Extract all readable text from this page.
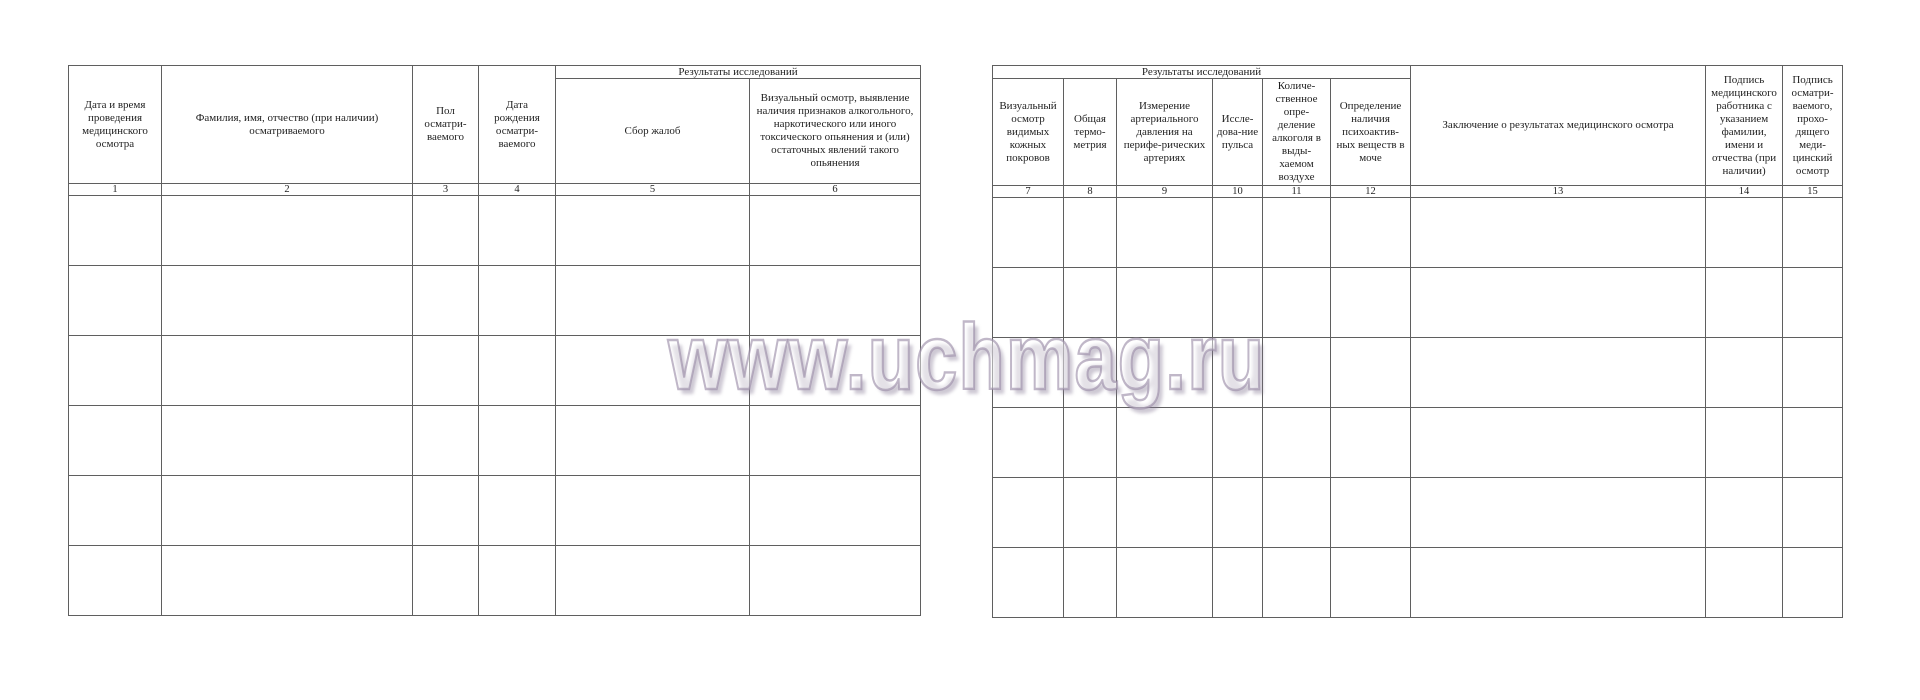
Дата и время проведения медицинского осмотра	Фамилия, имя, отчество (при наличии) осматриваемого	Пол осматри-ваемого	Дата рождения осматри-ваемого	Результаты исследований	
				Сбор жалоб	Визуальный осмотр, выявление наличия признаков алкогольного, наркотического или иного токсического опьянения и (или) остаточных явлений такого опьянения
1	2	3	4	5	6

Результаты исследований						Заключение о результатах медицинского осмотра	Подпись медицинского работника с указанием фамилии, имени и отчества (при наличии)	Подпись осматри-ваемого, прохо-дящего меди-цинский осмотр
Визуальный осмотр видимых кожных покровов	Общая термо-метрия	Измерение артериального давления на перифе-рических артериях	Иссле-дова-ние пульса	Количе-ственное опре-деление алкоголя в выды-хаемом воздухе	Определение наличия психоактив-ных веществ в моче			
7	8	9	10	11	12	13	14	15

www.uchmag.ru
